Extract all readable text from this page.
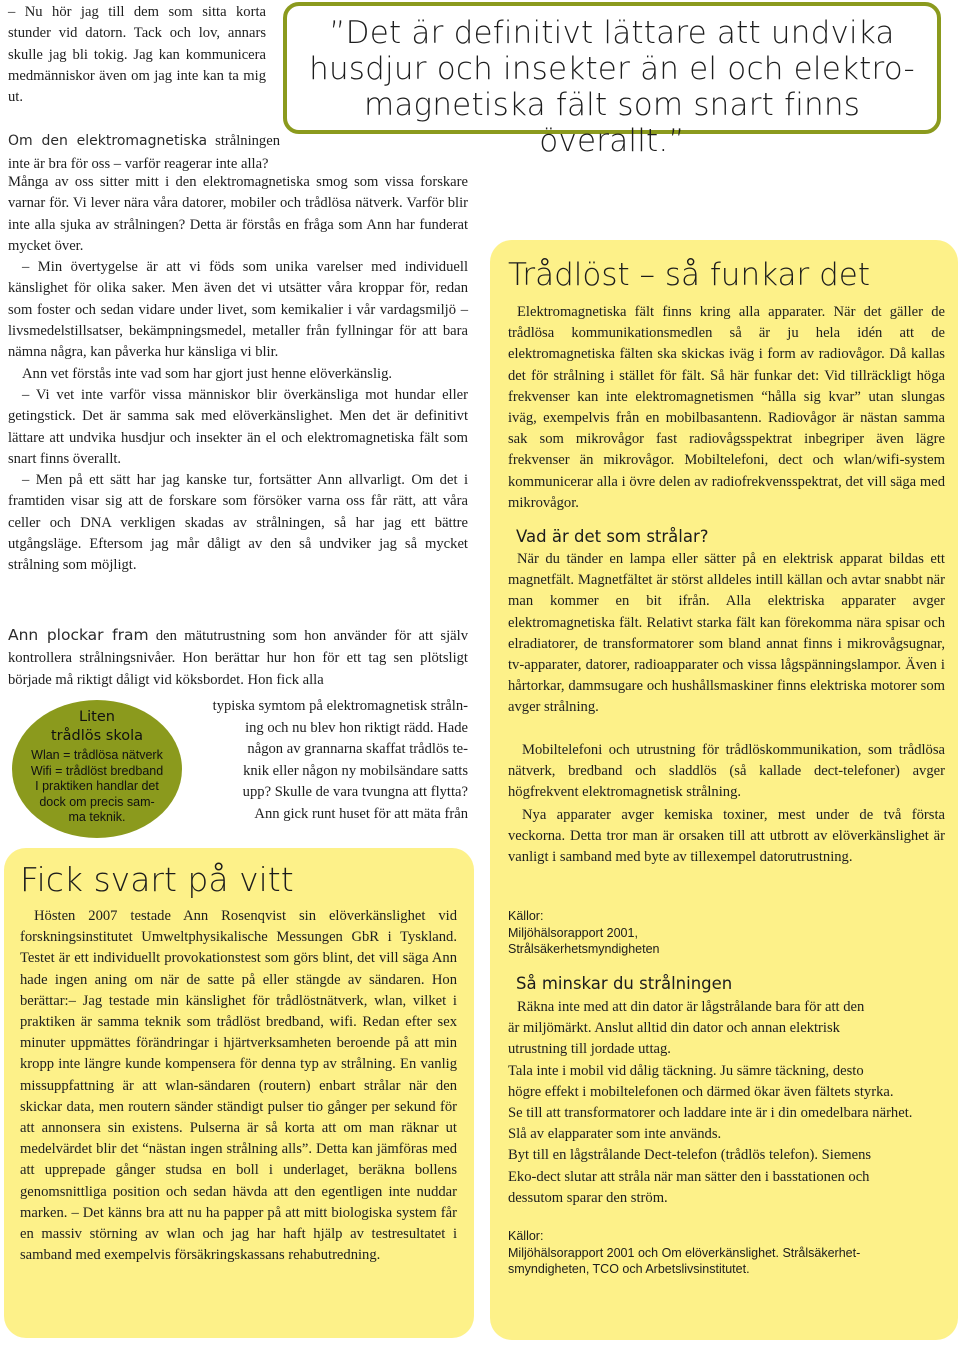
– Nu hör jag till dem som sitta korta stunder vid datorn. Tack och lov, annars skulle jag bli tokig. Jag kan kommunicera medmänniskor även om jag inte kan ta mig ut.

”Det är definitivt lättare att undvika
husdjur och insekter än el och elektro-
magnetiska fält som snart finns överallt.”

Om den elektromagnetiska strålningen inte är bra för oss – varför reagerar inte alla?

Många av oss sitter mitt i den elektromagnetiska smog som vissa forskare varnar för. Vi lever nära våra datorer, mobiler och trådlösa nätverk. Varför blir inte alla sjuka av strålningen? Detta är förstås en fråga som Ann har funderat mycket över.

– Min övertygelse är att vi föds som unika varelser med individuell känslighet för olika saker. Men även det vi utsätter våra kroppar för, redan som foster och sedan vidare under livet, som kemikalier i vår vardagsmiljö – livsmedelstillsatser, bekämpningsmedel, metaller från fyllningar för att bara nämna några, kan påverka hur känsliga vi blir.

Ann vet förstås inte vad som har gjort just henne elöverkänslig.

– Vi vet inte varför vissa människor blir överkänsliga mot hundar eller getingstick. Det är samma sak med elöverkänslighet. Men det är definitivt lättare att undvika husdjur och insekter än el och elektromagnetiska fält som snart finns överallt.

– Men på ett sätt har jag kanske tur, fortsätter Ann allvarligt. Om det i framtiden visar sig att de forskare som försöker varna oss får rätt, att våra celler och DNA verkligen skadas av strålningen, så har jag ett bättre utgångsläge. Eftersom jag mår dåligt av den så undviker jag så mycket strålning som möjligt.

Ann plockar fram den mätutrustning som hon använder för att själv kontrollera strålningsnivåer. Hon berättar hur hon för ett tag sen plötsligt började må riktigt dåligt vid köksbordet. Hon fick alla

typiska symtom på elektromagnetisk stråln-
ing och nu blev hon riktigt rädd. Hade
någon av grannarna skaffat trådlös te-
knik eller någon ny mobilsändare satts
upp? Skulle de vara tvungna att flytta?
Ann gick runt huset för att mäta från
Liten
trådlös skola
Wlan = trådlösa nätverk
Wifi = trådlöst bredband
I praktiken handlar det
dock om precis sam-
ma teknik.
Fick svart på vitt

Hösten 2007 testade Ann Rosenqvist sin elöverkänslighet vid forskningsinstitutet Umweltphysikalische Messungen GbR i Tyskland. Testet är ett individuellt provokationstest som görs blint, det vill säga Ann hade ingen aning om när de satte på eller stängde av sändaren. Hon berättar:– Jag testade min känslighet för trådlöstnätverk, wlan, vilket i praktiken är samma teknik som trådlöst bredband, wifi. Redan efter sex minuter uppmättes förändringar i hjärtverksamheten beroende på att min kropp inte längre kunde kompensera för denna typ av strålning. En vanlig missuppfattning är att wlan-sändaren (routern) enbart strålar när den skickar data, men routern sänder ständigt pulser tio gånger per sekund för att annonsera sin existens. Pulserna är så korta att om man räknar ut medelvärdet blir det “nästan ingen strålning alls”. Detta kan jämföras med att upprepade gånger studsa en boll i underlaget, beräkna bollens genomsnittliga position och sedan hävda att den egentligen inte nuddar marken. – Det känns bra att nu ha papper på att mitt biologiska system får en massiv störning av wlan och jag har haft hjälp av testresultatet i samband med exempelvis försäkringskassans rehabutredning.

Trådlöst – så funkar det

Elektromagnetiska fält finns kring alla apparater. När det gäller de trådlösa kommunikationsmedlen så är ju hela idén att de elektromagnetiska fälten ska skickas iväg i form av radiovågor. Då kallas det för strålning i stället för fält. Så här funkar det: Vid tillräckligt höga frekvenser kan inte elektromagnetismen “hålla sig kvar” utan slungas iväg, exempelvis från en mobilbasantenn. Radiovågor är nästan samma sak som mikrovågor fast radiovågsspektrat inbegriper även lägre frekvenser än mikrovågor. Mobiltelefoni, dect och wlan/wifi-system kommunicerar alla i övre delen av radiofrekvensspektrat, det vill säga med mikrovågor.

Vad är det som strålar?

När du tänder en lampa eller sätter på en elektrisk apparat bildas ett magnetfält. Magnetfältet är störst alldeles intill källan och avtar snabbt när man kommer en bit ifrån. Alla elektriska apparater avger elektromagnetiska fält. Relativt starka fält kan förekomma nära spisar och elradiatorer, de transformatorer som bland annat finns i mikrovågsugnar, tv-apparater, datorer, radioapparater och vissa lågspänningslampor. Även i hårtorkar, dammsugare och hushållsmaskiner finns elektriska motorer som avger strålning.

Mobiltelefoni och utrustning för trådlöskommunikation, som trådlösa nätverk, bredband och sladdlös (så kallade dect-telefoner) avger högfrekvent elektromagnetisk strålning.

Nya apparater avger kemiska toxiner, mest under de två första veckorna. Detta tror man är orsaken till att utbrott av elöverkänslighet är vanligt i samband med byte av tillexempel datorutrustning.

Källor:
Miljöhälsorapport 2001,
Strålsäkerhetsmyndigheten
Så minskar du strålningen
Räkna inte med att din dator är lågstrålande bara för att den
är miljömärkt. Anslut alltid din dator och annan elektrisk
utrustning till jordade uttag.
Tala inte i mobil vid dålig täckning. Ju sämre täckning, desto
högre effekt i mobiltelefonen och därmed ökar även fältets styrka.
Se till att transformatorer och laddare inte är i din omedelbara närhet.
Slå av elapparater som inte används.
Byt till en lågstrålande Dect-telefon (trådlös telefon). Siemens
Eko-dect slutar att stråla när man sätter den i basstationen och
dessutom sparar den ström.
Källor:
Miljöhälsorapport 2001 och Om elöverkänslighet. Strålsäkerhet-
smyndigheten, TCO och Arbetslivsinstitutet.
